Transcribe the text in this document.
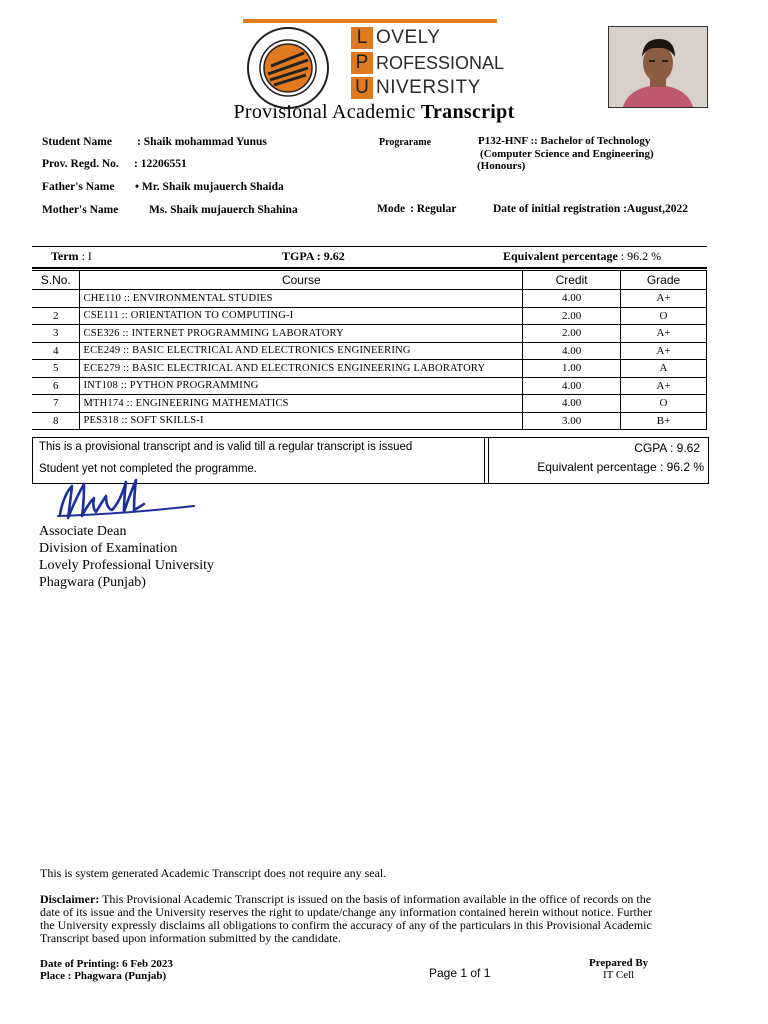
L OVELY
P ROFESSIONAL
U NIVERSITY
Provisional Academic Transcript
Student Name : Shaik mohammad Yunus
Prov. Regd. No. : 12206551
Father's Name • Mr. Shaik mujauerch Shaida
Mother's Name	Ms. Shaik mujauerch Shahina
Prograrame	P132-HNF :: Bachelor of Technology
(Computer Science and Engineering)
(Honours)
Mode : Regular	Date of initial registration :August,2022
Term : I	TGPA : 9.62	Equivalent percentage : 96.2 %
S.No.	Course	Credit	Grade
	CHE110 :: ENVIRONMENTAL STUDIES	4.00	A+
2	CSE111 :: ORIENTATION TO COMPUTING-I	2.00	O
3	CSE326 :: INTERNET PROGRAMMING LABORATORY	2.00	A+
4	ECE249 :: BASIC ELECTRICAL AND ELECTRONICS ENGINEERING	4.00	A+
5	ECE279 :: BASIC ELECTRICAL AND ELECTRONICS ENGINEERING LABORATORY	1.00	A
6	INT108 :: PYTHON PROGRAMMING	4.00	A+
7	MTH174 :: ENGINEERING MATHEMATICS	4.00	O
8	PES318 :: SOFT SKILLS-I	3.00	B+
This is a provisional transcript and is valid till a regular transcript is issued
Student yet not completed the programme.
CGPA : 9.62
Equivalent percentage : 96.2 %
Associate Dean
Division of Examination
Lovely Professional University
Phagwara (Punjab)
This is system generated Academic Transcript does not require any seal.
Disclaimer: This Provisional Academic Transcript is issued on the basis of information available in the office of records on the
date of its issue and the University reserves the right to update/change any information contained herein without notice. Further
the University expressly disclaims all obligations to confirm the accuracy of any of the particulars in this Provisional Academic
Transcript based upon information submitted by the candidate.
Date of Printing: 6 Feb 2023
Place : Phagwara (Punjab)	Page 1 of 1
Prepared By
IT Cell
